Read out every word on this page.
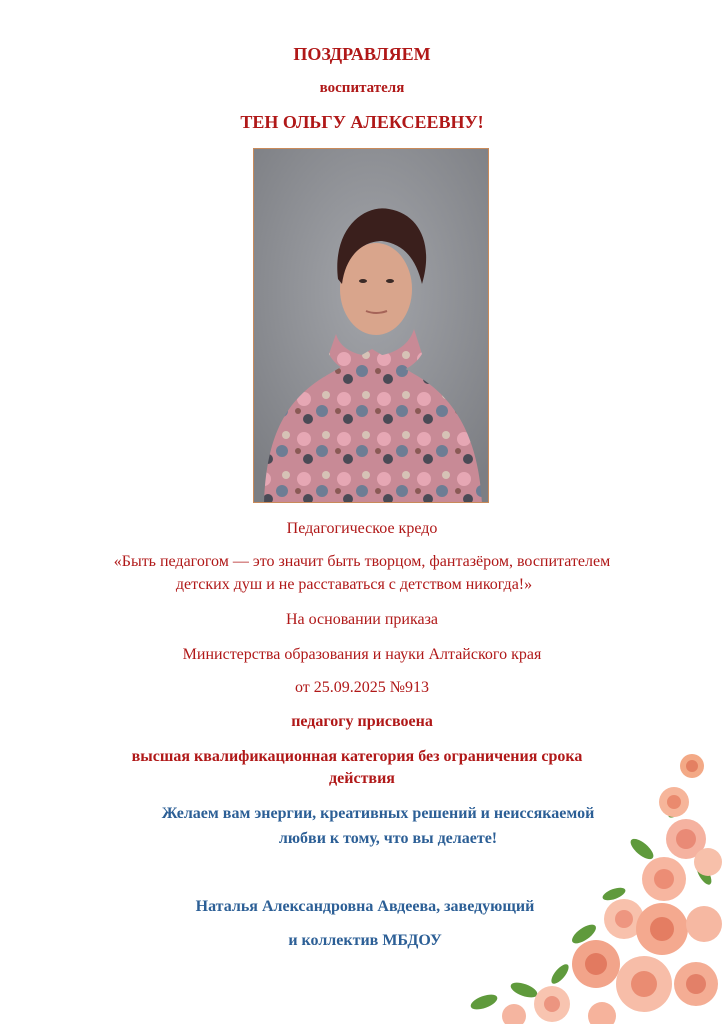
ПОЗДРАВЛЯЕМ
воспитателя
ТЕН ОЛЬГУ АЛЕКСЕЕВНУ!
Педагогическое кредо
«Быть педагогом — это значит быть творцом, фантазёром, воспитателем
детских душ и не расставаться с детством никогда!»
На основании приказа
Министерства образования и науки Алтайского края
от 25.09.2025 №913
педагогу присвоена
высшая квалификационная категория без ограничения срока
действия
Желаем вам энергии, креативных решений и неиссякаемой
любви к тому, что вы делаете!
Наталья Александровна Авдеева, заведующий
и коллектив МБДОУ
